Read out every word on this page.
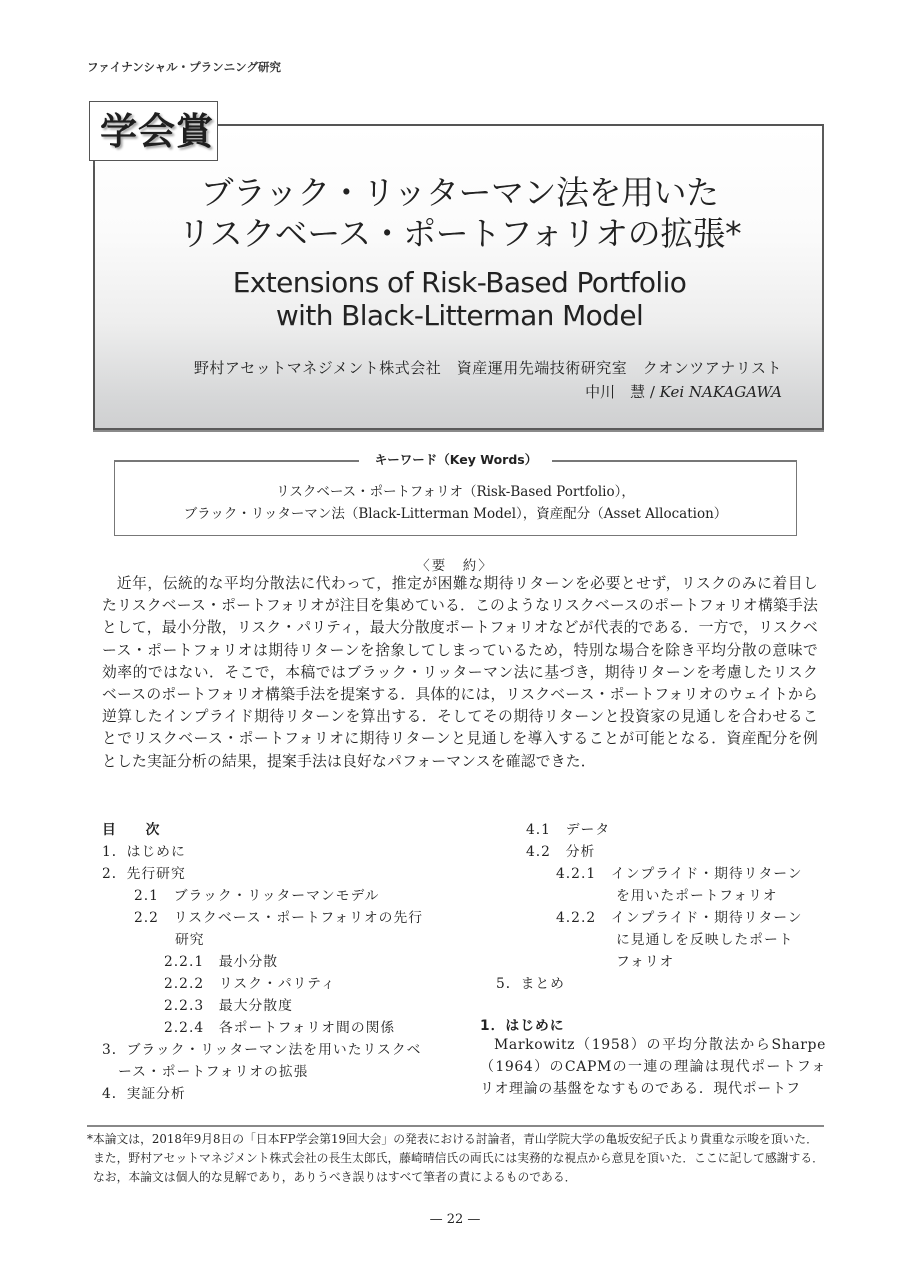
ファイナンシャル・プランニング研究
学会賞
ブラック・リッターマン法を用いた
リスクベース・ポートフォリオの拡張*
Extensions of Risk-Based Portfolio
with Black-Litterman Model
野村アセットマネジメント株式会社　資産運用先端技術研究室　クオンツアナリスト
中川　慧 / Kei NAKAGAWA
キーワード（Key Words）
リスクベース・ポートフォリオ（Risk-Based Portfolio），
ブラック・リッターマン法（Black-Litterman Model），資産配分（Asset Allocation）
〈要　約〉
近年，伝統的な平均分散法に代わって，推定が困難な期待リターンを必要とせず，リスクのみに着目したリスクベース・ポートフォリオが注目を集めている．このようなリスクベースのポートフォリオ構築手法として，最小分散，リスク・パリティ，最大分散度ポートフォリオなどが代表的である．一方で，リスクベース・ポートフォリオは期待リターンを捨象してしまっているため，特別な場合を除き平均分散の意味で効率的ではない．そこで，本稿ではブラック・リッターマン法に基づき，期待リターンを考慮したリスクベースのポートフォリオ構築手法を提案する．具体的には，リスクベース・ポートフォリオのウェイトから逆算したインプライド期待リターンを算出する．そしてその期待リターンと投資家の見通しを合わせることでリスクベース・ポートフォリオに期待リターンと見通しを導入することが可能となる．資産配分を例とした実証分析の結果，提案手法は良好なパフォーマンスを確認できた．
目　次
1．はじめに
2．先行研究
2.1　ブラック・リッターマンモデル
2.2　リスクベース・ポートフォリオの先行
研究
2.2.1　最小分散
2.2.2　リスク・パリティ
2.2.3　最大分散度
2.2.4　各ポートフォリオ間の関係
3．ブラック・リッターマン法を用いたリスクベ
ース・ポートフォリオの拡張
4．実証分析
4.1　データ
4.2　分析
4.2.1　インプライド・期待リターン
を用いたポートフォリオ
4.2.2　インプライド・期待リターン
に見通しを反映したポート
フォリオ
5．まとめ
1．はじめに
Markowitz（1958）の平均分散法からSharpe（1964）のCAPMの一連の理論は現代ポートフォリオ理論の基盤をなすものである．現代ポートフ
*本論文は，2018年9月8日の「日本FP学会第19回大会」の発表における討論者，青山学院大学の亀坂安紀子氏より貴重な示唆を頂いた．また，野村アセットマネジメント株式会社の長生太郎氏，藤崎晴信氏の両氏には実務的な視点から意見を頂いた．ここに記して感謝する．なお，本論文は個人的な見解であり，ありうべき誤りはすべて筆者の責によるものである．
— 22 —
